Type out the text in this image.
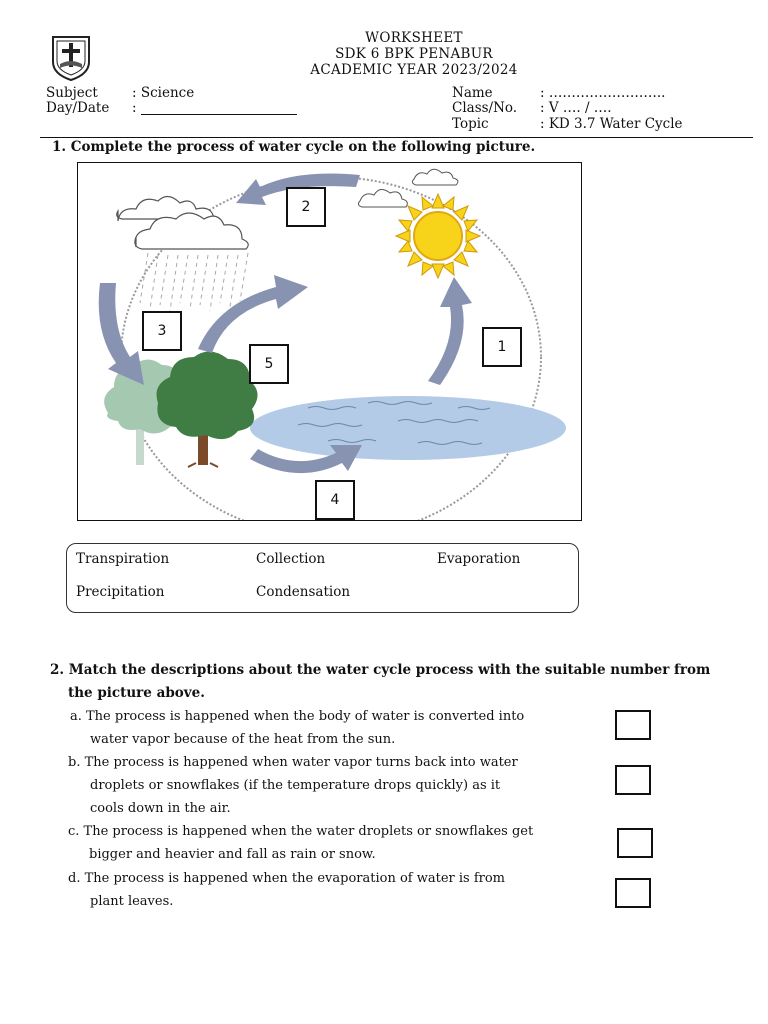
WORKSHEET
SDK 6 BPK PENABUR
ACADEMIC YEAR 2023/2024
Subject	: Science
Day/Date :
Name	: ……………………..
Class/No. : V …. / ….
Topic	: KD 3.7 Water Cycle
1. Complete the process of water cycle on the following picture.
2
1
3
5
4
Transpiration	Collection	Evaporation
Precipitation	Condensation
2. Match the descriptions about the water cycle process with the suitable number from
the picture above.
a. The process is happened when the body of water is converted into
water vapor because of the heat from the sun.
b. The process is happened when water vapor turns back into water
droplets or snowflakes (if the temperature drops quickly) as it
cools down in the air.
c. The process is happened when the water droplets or snowflakes get
bigger and heavier and fall as rain or snow.
d. The process is happened when the evaporation of water is from
plant leaves.
